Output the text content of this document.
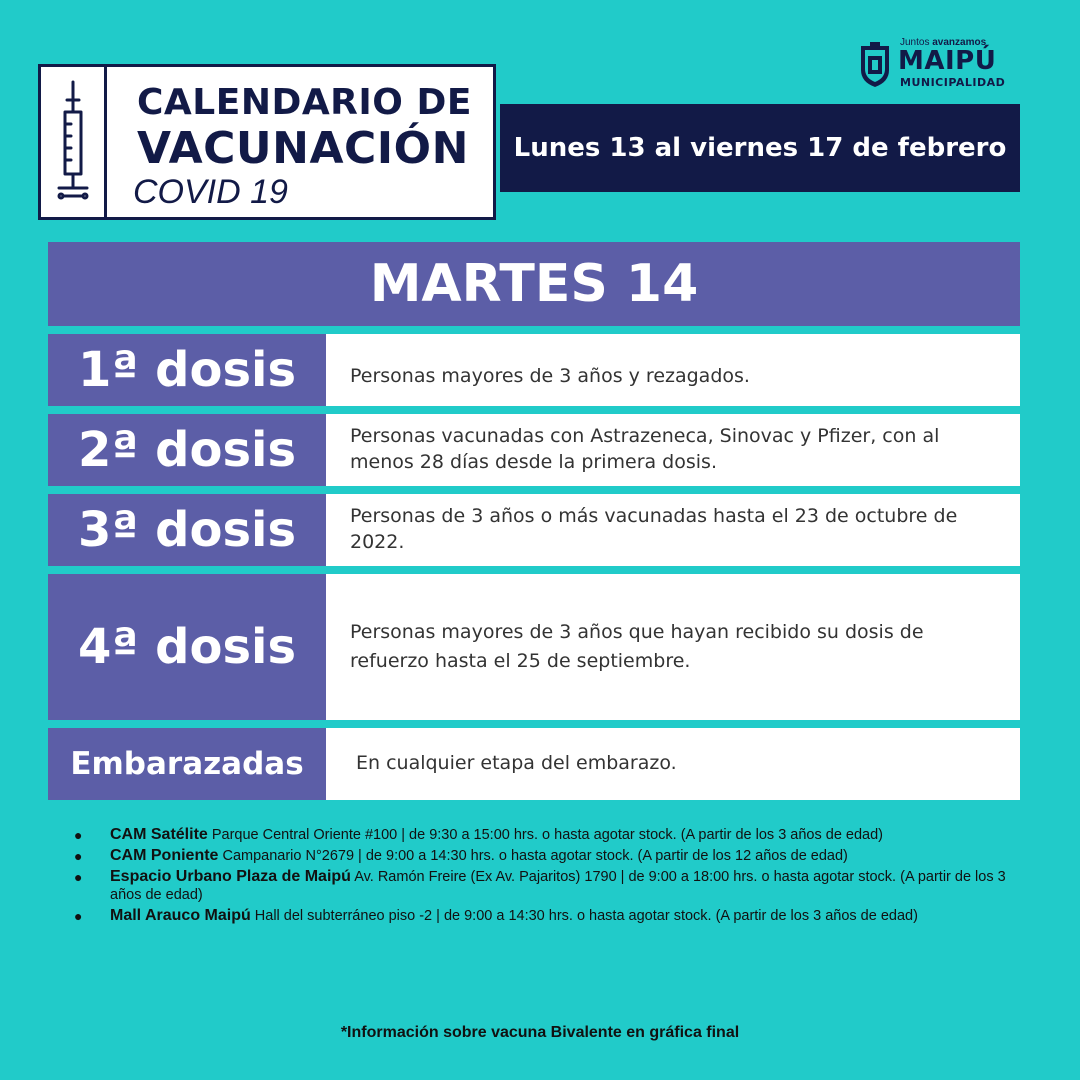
CALENDARIO DE
VACUNACIÓN
COVID 19
Lunes 13 al viernes 17 de febrero
Juntos avanzamos
MAIPÚ
MUNICIPALIDAD
MARTES 14
1ª dosis	Personas mayores de 3 años y rezagados.
2ª dosis	Personas vacunadas con Astrazeneca, Sinovac y Pfizer, con al menos 28 días desde la primera dosis.
3ª dosis	Personas de 3 años o más vacunadas hasta el 23 de octubre de 2022.
4ª dosis	Personas mayores de 3 años que hayan recibido su dosis de refuerzo hasta el 25 de septiembre.
Embarazadas	En cualquier etapa del embarazo.
● CAM Satélite Parque Central Oriente #100 | de 9:30 a 15:00 hrs. o hasta agotar stock. (A partir de los 3 años de edad)
● CAM Poniente Campanario N°2679 | de 9:00 a 14:30 hrs. o hasta agotar stock. (A partir de los 12 años de edad)
● Espacio Urbano Plaza de Maipú Av. Ramón Freire (Ex Av. Pajaritos) 1790 | de 9:00 a 18:00 hrs. o hasta agotar stock. (A partir de los 3 años de edad)
● Mall Arauco Maipú Hall del subterráneo piso -2 | de 9:00 a 14:30 hrs. o hasta agotar stock. (A partir de los 3 años de edad)
*Información sobre vacuna Bivalente en gráfica final
